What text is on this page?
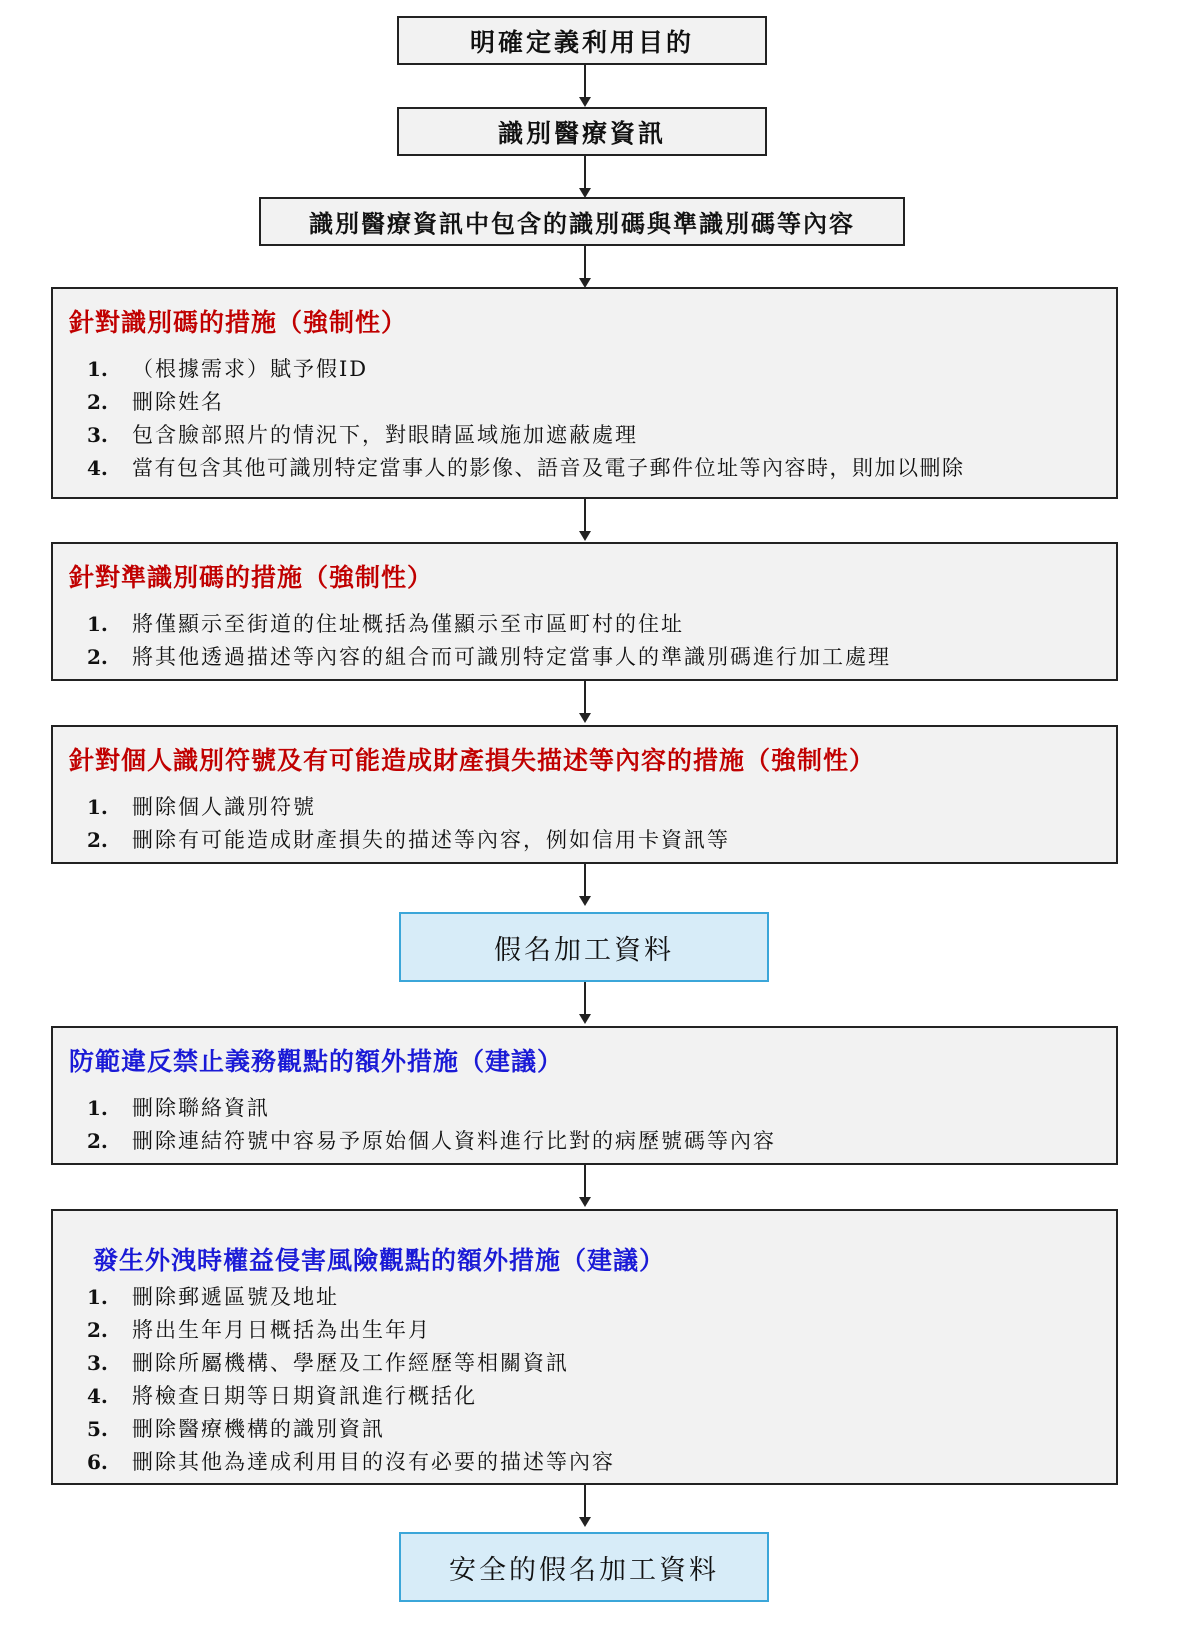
明確定義利用目的
識別醫療資訊
識別醫療資訊中包含的識別碼與準識別碼等內容
針對識別碼的措施（強制性）
1.	（根據需求）賦予假ID
2.	刪除姓名
3.	包含臉部照片的情況下，對眼睛區域施加遮蔽處理
4.	當有包含其他可識別特定當事人的影像、語音及電子郵件位址等內容時，則加以刪除
針對準識別碼的措施（強制性）
1.	將僅顯示至街道的住址概括為僅顯示至市區町村的住址
2.	將其他透過描述等內容的組合而可識別特定當事人的準識別碼進行加工處理
針對個人識別符號及有可能造成財產損失描述等內容的措施（強制性）
1.	刪除個人識別符號
2.	刪除有可能造成財產損失的描述等內容，例如信用卡資訊等
假名加工資料
防範違反禁止義務觀點的額外措施（建議）
1.	刪除聯絡資訊
2.	刪除連結符號中容易予原始個人資料進行比對的病歷號碼等內容
發生外洩時權益侵害風險觀點的額外措施（建議）
1.	刪除郵遞區號及地址
2.	將出生年月日概括為出生年月
3.	刪除所屬機構、學歷及工作經歷等相關資訊
4.	將檢查日期等日期資訊進行概括化
5.	刪除醫療機構的識別資訊
6.	刪除其他為達成利用目的沒有必要的描述等內容
安全的假名加工資料
